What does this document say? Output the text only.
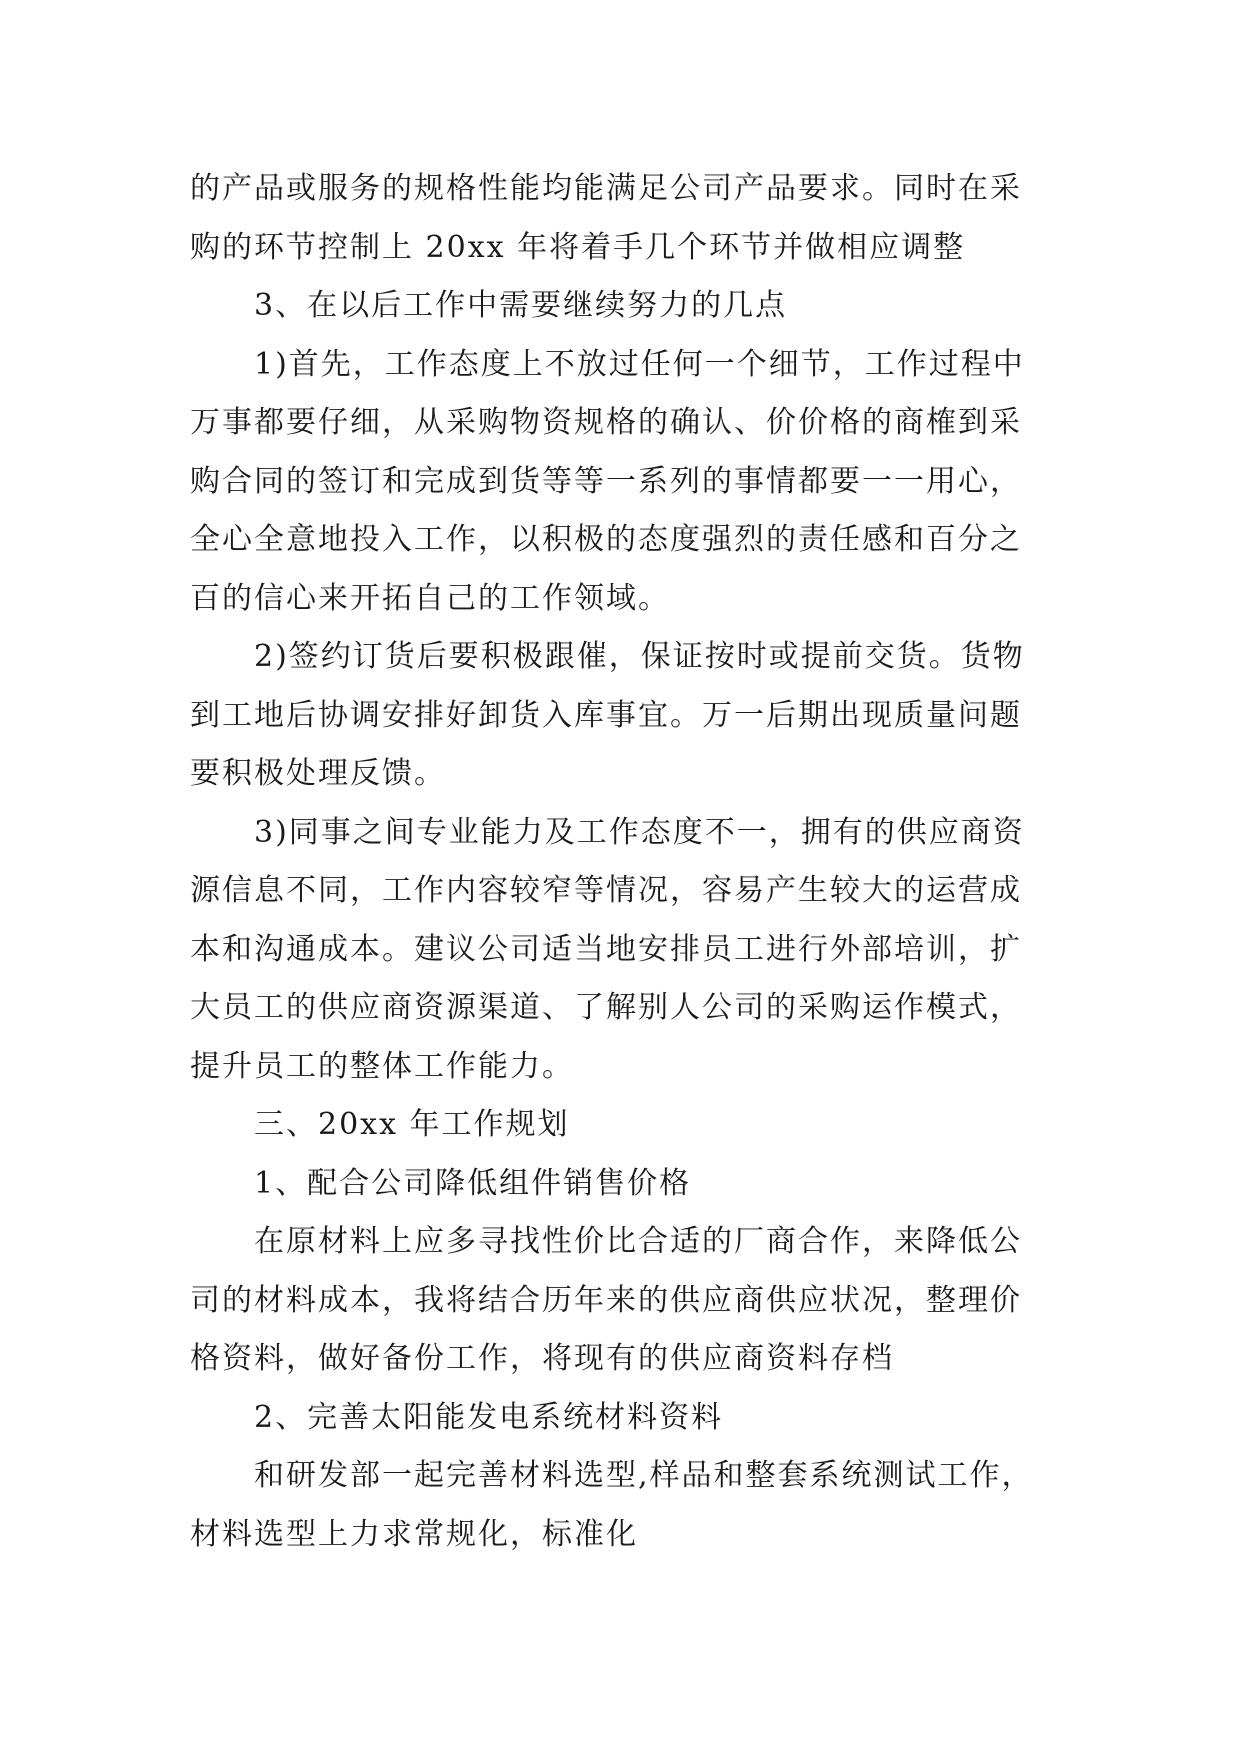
的产品或服务的规格性能均能满足公司产品要求。同时在采
购的环节控制上 20xx 年将着手几个环节并做相应调整
3、在以后工作中需要继续努力的几点
1)首先，工作态度上不放过任何一个细节，工作过程中
万事都要仔细，从采购物资规格的确认、价价格的商榷到采
购合同的签订和完成到货等等一系列的事情都要一一用心，
全心全意地投入工作，以积极的态度强烈的责任感和百分之
百的信心来开拓自己的工作领域。
2)签约订货后要积极跟催，保证按时或提前交货。货物
到工地后协调安排好卸货入库事宜。万一后期出现质量问题
要积极处理反馈。
3)同事之间专业能力及工作态度不一，拥有的供应商资
源信息不同，工作内容较窄等情况，容易产生较大的运营成
本和沟通成本。建议公司适当地安排员工进行外部培训，扩
大员工的供应商资源渠道、了解别人公司的采购运作模式，
提升员工的整体工作能力。
三、20xx 年工作规划
1、配合公司降低组件销售价格
在原材料上应多寻找性价比合适的厂商合作，来降低公
司的材料成本，我将结合历年来的供应商供应状况，整理价
格资料，做好备份工作，将现有的供应商资料存档
2、完善太阳能发电系统材料资料
和研发部一起完善材料选型,样品和整套系统测试工作，
材料选型上力求常规化，标准化
